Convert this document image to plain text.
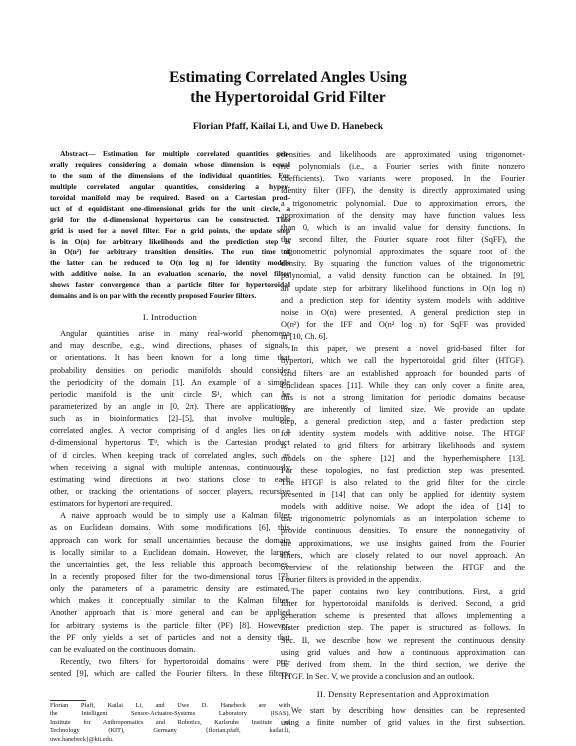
Estimating Correlated Angles Using
the Hypertoroidal Grid Filter
Florian Pfaff, Kailai Li, and Uwe D. Hanebeck
Abstract— Estimation for multiple correlated quantities gen-
erally requires considering a domain whose dimension is equal
to the sum of the dimensions of the individual quantities. For
multiple correlated angular quantities, considering a hyper-
toroidal manifold may be required. Based on a Cartesian prod-
uct of d equidistant one-dimensional grids for the unit circle, a
grid for the d-dimensional hypertorus can be constructed. This
grid is used for a novel filter. For n grid points, the update step
is in O(n) for arbitrary likelihoods and the prediction step is
in O(n²) for arbitrary transition densities. The run time of
the latter can be reduced to O(n log n) for identity models
with additive noise. In an evaluation scenario, the novel filter
shows faster convergence than a particle filter for hypertoroidal
domains and is on par with the recently proposed Fourier filters.
I. Introduction
Angular quantities arise in many real-world phenomena
and may describe, e.g., wind directions, phases of signals,
or orientations. It has been known for a long time that
probability densities on periodic manifolds should consider
the periodicity of the domain [1]. An example of a simple
periodic manifold is the unit circle 𝕊¹, which can be
parameterized by an angle in [0, 2π). There are applications,
such as in bioinformatics [2]–[5], that involve multiple
correlated angles. A vector comprising of d angles lies on a
d-dimensional hypertorus 𝕋ᵈ, which is the Cartesian product
of d circles. When keeping track of correlated angles, such as
when receiving a signal with multiple antennas, continuously
estimating wind directions at two stations close to each
other, or tracking the orientations of soccer players, recursive
estimators for hypertori are required.
A naive approach would be to simply use a Kalman filter
as on Euclidean domains. With some modifications [6], this
approach can work for small uncertainties because the domain
is locally similar to a Euclidean domain. However, the larger
the uncertainties get, the less reliable this approach becomes.
In a recently proposed filter for the two-dimensional torus [7],
only the parameters of a parametric density are estimated,
which makes it conceptually similar to the Kalman filter.
Another approach that is more general and can be applied
for arbitrary systems is the particle filter (PF) [8]. However,
the PF only yields a set of particles and not a density that
can be evaluated on the continuous domain.
Recently, two filters for hypertoroidal domains were pre-
sented [9], which are called the Fourier filters. In these filters,
Florian Pfaff, Kailai Li, and Uwe D. Hanebeck are with
the Intelligent Sensor-Actuator-Systems Laboratory (ISAS),
Institute for Anthropomatics and Robotics, Karlsruhe Institute of
Technology (KIT), Germany {florian.pfaff, kailai.li,
uwe.hanebeck}@kit.edu.
densities and likelihoods are approximated using trigonomet-
ric polynomials (i.e., a Fourier series with finite nonzero
coefficients). Two variants were proposed. In the Fourier
identity filter (IFF), the density is directly approximated using
a trigonometric polynomial. Due to approximation errors, the
approximation of the density may have function values less
than 0, which is an invalid value for density functions. In
the second filter, the Fourier square root filter (SqFF), the
trigonometric polynomial approximates the square root of the
density. By squaring the function values of the trigonometric
polynomial, a valid density function can be obtained. In [9],
an update step for arbitrary likelihood functions in O(n log n)
and a prediction step for identity system models with additive
noise in O(n) were presented. A general prediction step in
O(n²) for the IFF and O(n² log n) for SqFF was provided
in [10, Ch. 6].
In this paper, we present a novel grid-based filter for
hypertori, which we call the hypertoroidal grid filter (HTGF).
Grid filters are an established approach for bounded parts of
Euclidean spaces [11]. While they can only cover a finite area,
this is not a strong limitation for periodic domains because
they are inherently of limited size. We provide an update
step, a general prediction step, and a faster prediction step
for identity system models with additive noise. The HTGF
is related to grid filters for arbitrary likelihoods and system
models on the sphere [12] and the hyperhemisphere [13].
For these topologies, no fast prediction step was presented.
The HTGF is also related to the grid filter for the circle
presented in [14] that can only be applied for identity system
models with additive noise. We adopt the idea of [14] to
use trigonometric polynomials as an interpolation scheme to
provide continuous densities. To ensure the nonnegativity of
the approximations, we use insights gained from the Fourier
filters, which are closely related to our novel approach. An
overview of the relationship between the HTGF and the
Fourier filters is provided in the appendix.
The paper contains two key contributions. First, a grid
filter for hypertoroidal manifolds is derived. Second, a grid
generation scheme is presented that allows implementing a
faster prediction step. The paper is structured as follows. In
Sec. II, we describe how we represent the continuous density
using grid values and how a continuous approximation can
be derived from them. In the third section, we derive the
HTGF. In Sec. V, we provide a conclusion and an outlook.
II. Density Representation and Approximation
We start by describing how densities can be represented
using a finite number of grid values in the first subsection.
